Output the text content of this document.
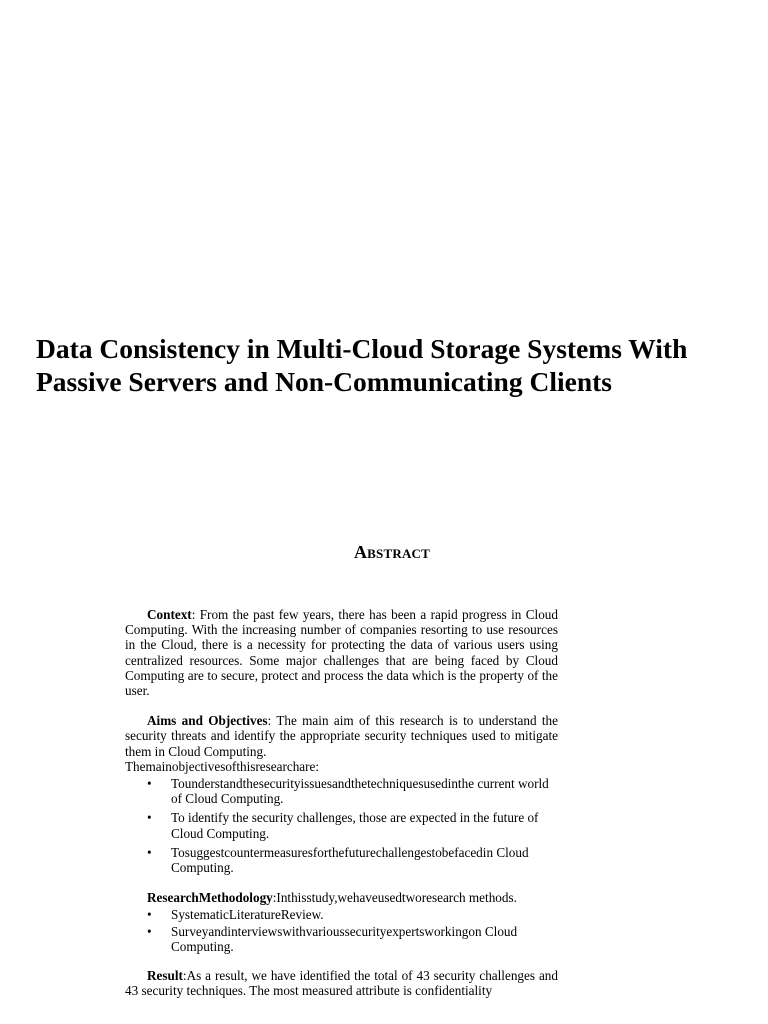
Data Consistency in Multi-Cloud Storage Systems With Passive Servers and Non-Communicating Clients
Abstract

Context: From the past few years, there has been a rapid progress in Cloud Computing. With the increasing number of companies resorting to use resources in the Cloud, there is a necessity for protecting the data of various users using centralized resources. Some major challenges that are being faced by Cloud Computing are to secure, protect and process the data which is the property of the user.

Aims and Objectives: The main aim of this research is to understand the security threats and identify the appropriate security techniques used to mitigate them in Cloud Computing.

Themainobjectivesofthisresearchare:

• Tounderstandthesecurityissuesandthetechniquesusedinthe current world of Cloud Computing.
• To identify the security challenges, those are expected in the future of Cloud Computing.
• Tosuggestcountermeasuresforthefuturechallengestobefacedin Cloud Computing.

ResearchMethodology:Inthisstudy,wehaveusedtworesearch methods.

• SystematicLiteratureReview.
• Surveyandinterviewswithvarioussecurityexpertsworkingon Cloud Computing.

Result:As a result, we have identified the total of 43 security challenges and 43 security techniques. The most measured attribute is confidentiality
